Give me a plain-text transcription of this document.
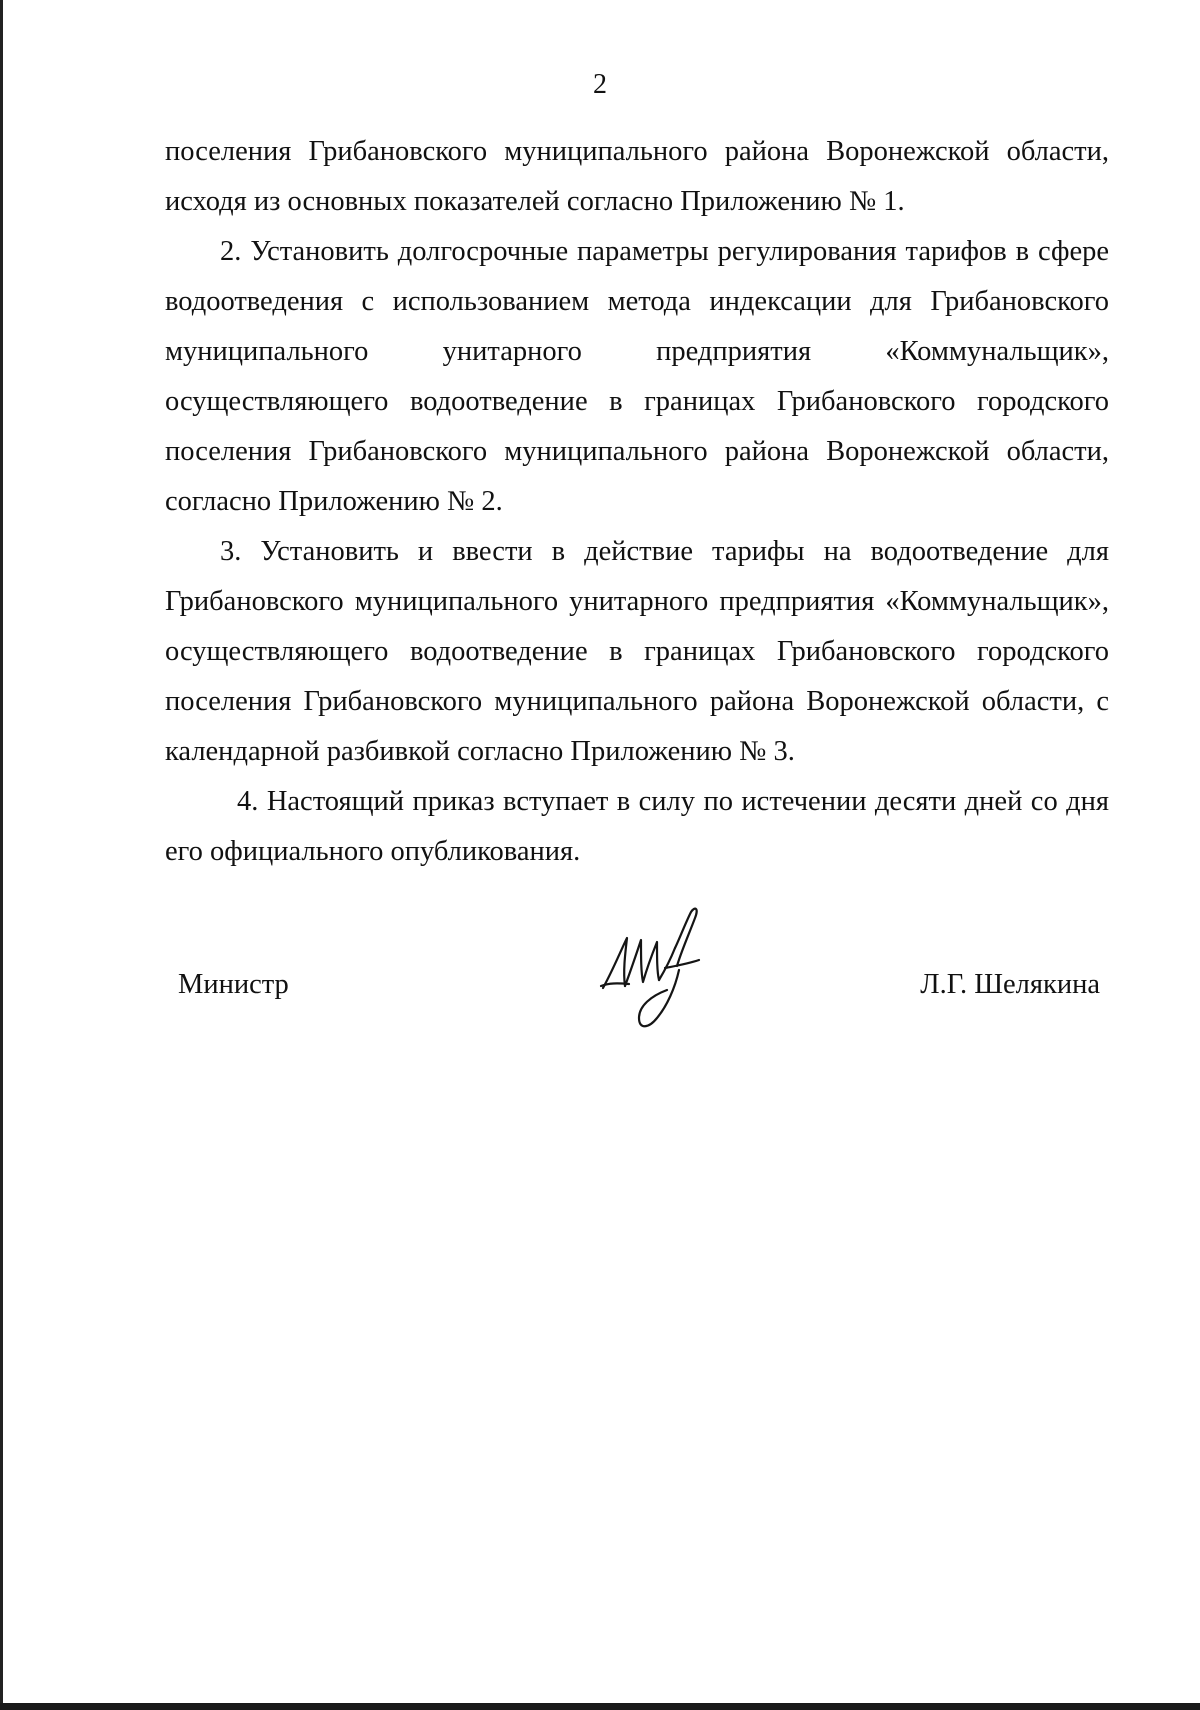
2

поселения Грибановского муниципального района Воронежской области, исходя из основных показателей согласно Приложению № 1.

2. Установить долгосрочные параметры регулирования тарифов в сфере водоотведения с использованием метода индексации для Грибановского муниципального унитарного предприятия «Коммунальщик», осуществляющего водоотведение в границах Грибановского городского поселения Грибановского муниципального района Воронежской области, согласно Приложению № 2.

3. Установить и ввести в действие тарифы на водоотведение для Грибановского муниципального унитарного предприятия «Коммунальщик», осуществляющего водоотведение в границах Грибановского городского поселения Грибановского муниципального района Воронежской области, с календарной разбивкой согласно Приложению № 3.

4. Настоящий приказ вступает в силу по истечении десяти дней со дня его официального опубликования.

Министр	Л.Г. Шелякина
